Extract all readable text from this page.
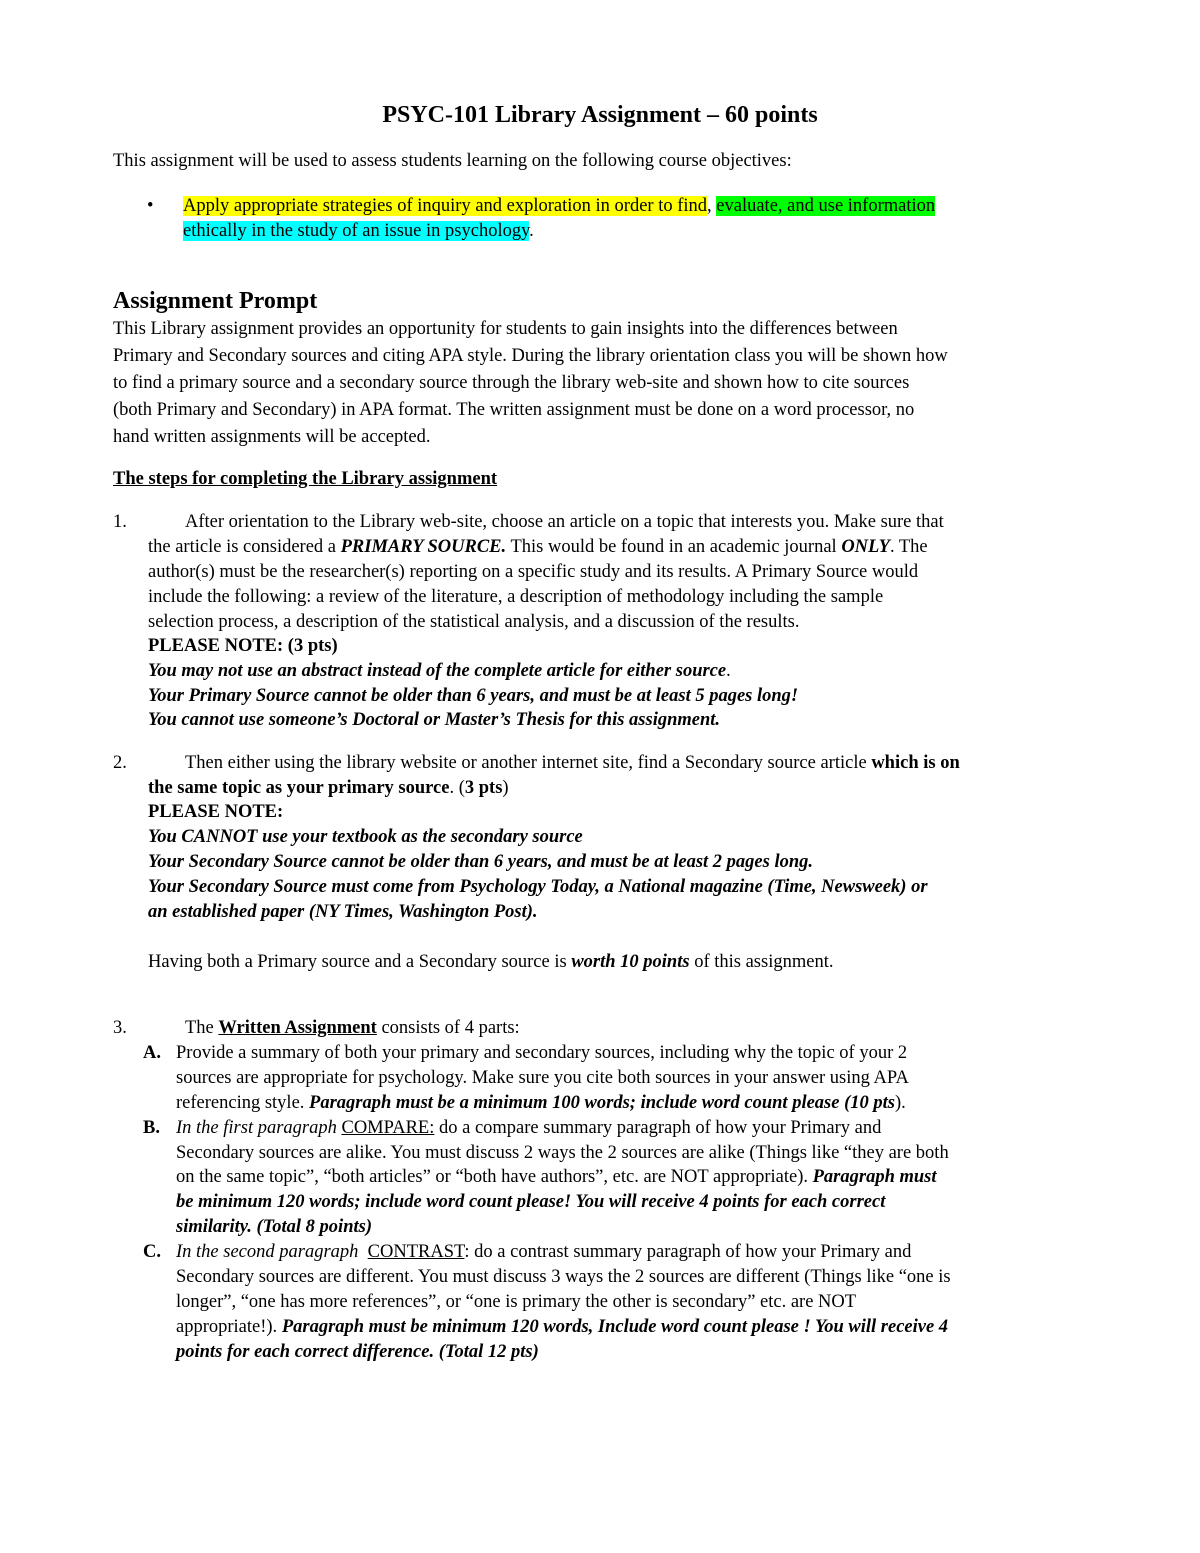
PSYC-101 Library Assignment – 60 points
This assignment will be used to assess students learning on the following course objectives:
• Apply appropriate strategies of inquiry and exploration in order to find, evaluate, and use information
ethically in the study of an issue in psychology.
Assignment Prompt
This Library assignment provides an opportunity for students to gain insights into the differences between
Primary and Secondary sources and citing APA style. During the library orientation class you will be shown how
to find a primary source and a secondary source through the library web-site and shown how to cite sources
(both Primary and Secondary) in APA format. The written assignment must be done on a word processor, no
hand written assignments will be accepted.
The steps for completing the Library assignment
1.	After orientation to the Library web-site, choose an article on a topic that interests you. Make sure that
the article is considered a PRIMARY SOURCE. This would be found in an academic journal ONLY. The
author(s) must be the researcher(s) reporting on a specific study and its results. A Primary Source would
include the following: a review of the literature, a description of methodology including the sample
selection process, a description of the statistical analysis, and a discussion of the results.
PLEASE NOTE: (3 pts)
You may not use an abstract instead of the complete article for either source.
Your Primary Source cannot be older than 6 years, and must be at least 5 pages long!
You cannot use someone’s Doctoral or Master’s Thesis for this assignment.
2.	Then either using the library website or another internet site, find a Secondary source article which is on
the same topic as your primary source. (3 pts)
PLEASE NOTE:
You CANNOT use your textbook as the secondary source
Your Secondary Source cannot be older than 6 years, and must be at least 2 pages long.
Your Secondary Source must come from Psychology Today, a National magazine (Time, Newsweek) or
an established paper (NY Times, Washington Post).
Having both a Primary source and a Secondary source is worth 10 points of this assignment.
3.	The Written Assignment consists of 4 parts:
A. Provide a summary of both your primary and secondary sources, including why the topic of your 2
sources are appropriate for psychology. Make sure you cite both sources in your answer using APA
referencing style. Paragraph must be a minimum 100 words; include word count please (10 pts).
B. In the first paragraph COMPARE: do a compare summary paragraph of how your Primary and
Secondary sources are alike. You must discuss 2 ways the 2 sources are alike (Things like “they are both
on the same topic”, “both articles” or “both have authors”, etc. are NOT appropriate). Paragraph must
be minimum 120 words; include word count please! You will receive 4 points for each correct
similarity. (Total 8 points)
C. In the second paragraph CONTRAST: do a contrast summary paragraph of how your Primary and
Secondary sources are different. You must discuss 3 ways the 2 sources are different (Things like “one is
longer”, “one has more references”, or “one is primary the other is secondary” etc. are NOT
appropriate!). Paragraph must be minimum 120 words, Include word count please ! You will receive 4
points for each correct difference. (Total 12 pts)
